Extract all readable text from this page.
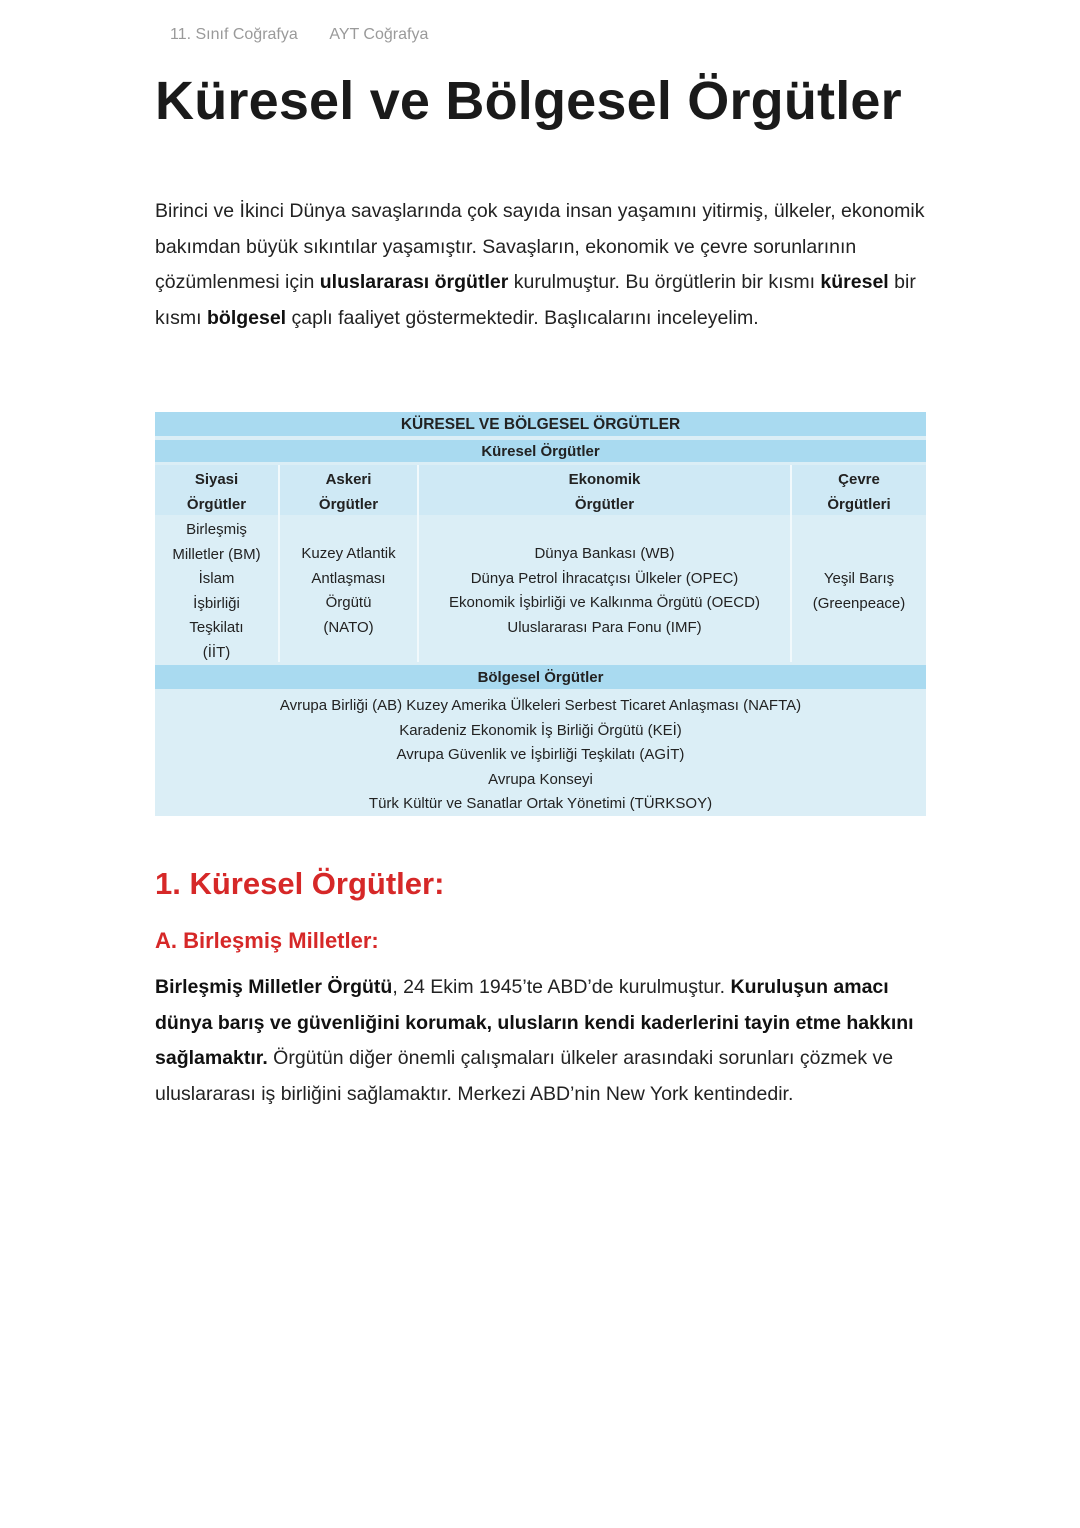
11. Sınıf Coğrafya AYT Coğrafya
Küresel ve Bölgesel Örgütler

Birinci ve İkinci Dünya savaşlarında çok sayıda insan yaşamını yitirmiş, ülkeler, ekonomik bakımdan büyük sıkıntılar yaşamıştır. Savaşların, ekonomik ve çevre sorunlarının çözümlenmesi için uluslararası örgütler kurulmuştur. Bu örgütlerin bir kısmı küresel bir kısmı bölgesel çaplı faaliyet göstermektedir. Başlıcalarını inceleyelim.

KÜRESEL VE BÖLGESEL ÖRGÜTLER
Küresel Örgütler
Siyasi
Örgütler
Askeri
Örgütler
Ekonomik
Örgütler
Çevre
Örgütleri
Birleşmiş
Milletler (BM)
İslam
İşbirliği
Teşkilatı
(İİT)
Kuzey Atlantik
Antlaşması
Örgütü
(NATO)
Dünya Bankası (WB)
Dünya Petrol İhracatçısı Ülkeler (OPEC)
Ekonomik İşbirliği ve Kalkınma Örgütü (OECD)
Uluslararası Para Fonu (IMF)
Yeşil Barış
(Greenpeace)
Bölgesel Örgütler
Avrupa Birliği (AB) Kuzey Amerika Ülkeleri Serbest Ticaret Anlaşması (NAFTA)
Karadeniz Ekonomik İş Birliği Örgütü (KEİ)
Avrupa Güvenlik ve İşbirliği Teşkilatı (AGİT)
Avrupa Konseyi
Türk Kültür ve Sanatlar Ortak Yönetimi (TÜRKSOY)
1. Küresel Örgütler:
A. Birleşmiş Milletler:

Birleşmiş Milletler Örgütü, 24 Ekim 1945’te ABD’de kurulmuştur. Kuruluşun amacı dünya barış ve güvenliğini korumak, ulusların kendi kaderlerini tayin etme hakkını sağlamaktır. Örgütün diğer önemli çalışmaları ülkeler arasındaki sorunları çözmek ve uluslararası iş birliğini sağlamaktır. Merkezi ABD’nin New York kentindedir.
